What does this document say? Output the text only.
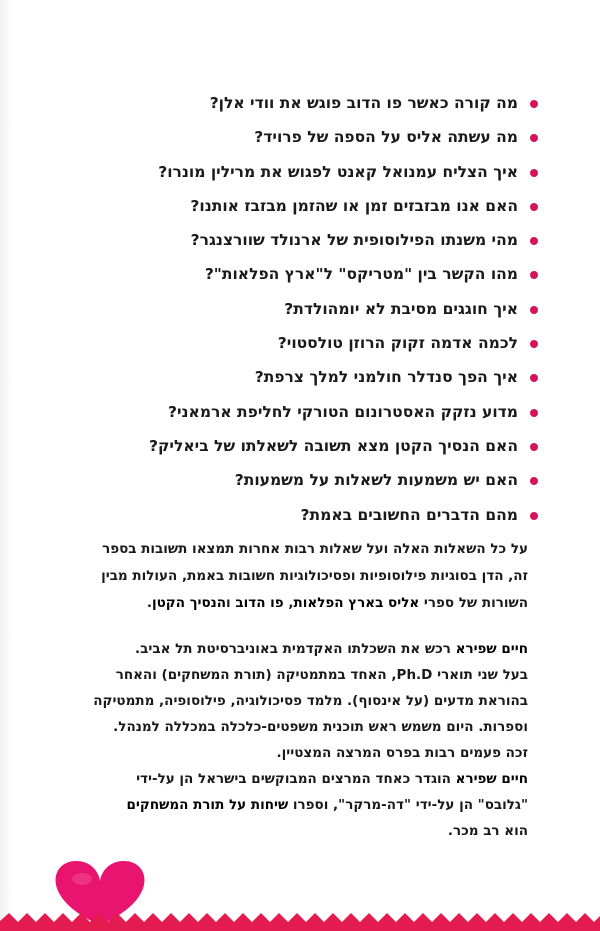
מה קורה כאשר פו הדוב פוגש את וודי אלן?
מה עשתה אליס על הספה של פרויד?
איך הצליח עמנואל קאנט לפגוש את מרילין מונרו?
האם אנו מבזבזים זמן או שהזמן מבזבז אותנו?
מהי משנתו הפילוסופית של ארנולד שוורצנגר?
מהו הקשר בין "מטריקס" ל"ארץ הפלאות"?
איך חוגגים מסיבת לא יומהולדת?
לכמה אדמה זקוק הרוזן טולסטוי?
איך הפך סנדלר חולמני למלך צרפת?
מדוע נזקק האסטרונום הטורקי לחליפת ארמאני?
האם הנסיך הקטן מצא תשובה לשאלתו של ביאליק?
האם יש משמעות לשאלות על משמעות?
מהם הדברים החשובים באמת?
על כל השאלות האלה ועל שאלות רבות אחרות תמצאו תשובות בספר
זה, הדן בסוגיות פילוסופיות ופסיכולוגיות חשובות באמת, העולות מבין
השורות של ספרי אליס בארץ הפלאות, פו הדוב והנסיך הקטן.
חיים שפירא רכש את השכלתו האקדמית באוניברסיטת תל אביב.
בעל שני תוארי Ph.D, האחד במתמטיקה (תורת המשחקים) והאחר
בהוראת מדעים (על אינסוף). מלמד פסיכולוגיה, פילוסופיה, מתמטיקה
וספרות. היום משמש ראש תוכנית משפטים-כלכלה במכללה למנהל.
זכה פעמים רבות בפרס המרצה המצטיין.
חיים שפירא הוגדר כאחד המרצים המבוקשים בישראל הן על-ידי
"גלובס" הן על-ידי "דה-מרקר", וספרו שיחות על תורת המשחקים
הוא רב מכר.
